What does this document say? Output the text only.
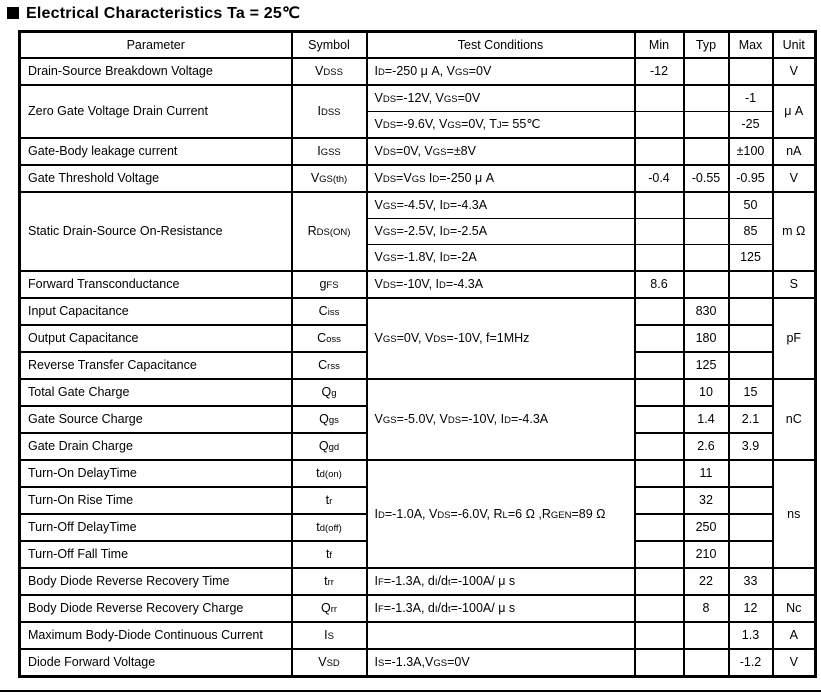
Electrical Characteristics Ta = 25℃
Parameter	Symbol	Test Conditions	Min	Typ	Max	Unit
Drain-Source Breakdown Voltage	VDSS	ID=-250 μ A, VGS=0V	-12			V
Zero Gate Voltage Drain Current	IDSS	VDS=-12V, VGS=0V			-1	μ A
		VDS=-9.6V, VGS=0V, TJ= 55℃			-25	
Gate-Body leakage current	IGSS	VDS=0V, VGS=±8V			±100	nA
Gate Threshold Voltage	VGS(th)	VDS=VGS ID=-250 μ A	-0.4	-0.55	-0.95	V
Static Drain-Source On-Resistance	RDS(ON)	VGS=-4.5V, ID=-4.3A			50	m Ω
		VGS=-2.5V, ID=-2.5A			85	
		VGS=-1.8V, ID=-2A			125	
Forward Transconductance	gFS	VDS=-10V, ID=-4.3A	8.6			S
Input Capacitance	Ciss	VGS=0V, VDS=-10V, f=1MHz		830		pF
Output Capacitance	Coss			180		
Reverse Transfer Capacitance	Crss			125		
Total Gate Charge	Qg	VGS=-5.0V, VDS=-10V, ID=-4.3A		10	15	nC
Gate Source Charge	Qgs			1.4	2.1	
Gate Drain Charge	Qgd			2.6	3.9	
Turn-On DelayTime	td(on)	ID=-1.0A, VDS=-6.0V, RL=6 Ω ,RGEN=89 Ω		11		ns
Turn-On Rise Time	tr			32		
Turn-Off DelayTime	td(off)			250		
Turn-Off Fall Time	tf			210		
Body Diode Reverse Recovery Time	trr	IF=-1.3A, dI/dt=-100A/ μ s		22	33	
Body Diode Reverse Recovery Charge	Qrr	IF=-1.3A, dI/dt=-100A/ μ s		8	12	Nc
Maximum Body-Diode Continuous Current	IS				1.3	A
Diode Forward Voltage	VSD	IS=-1.3A,VGS=0V			-1.2	V
